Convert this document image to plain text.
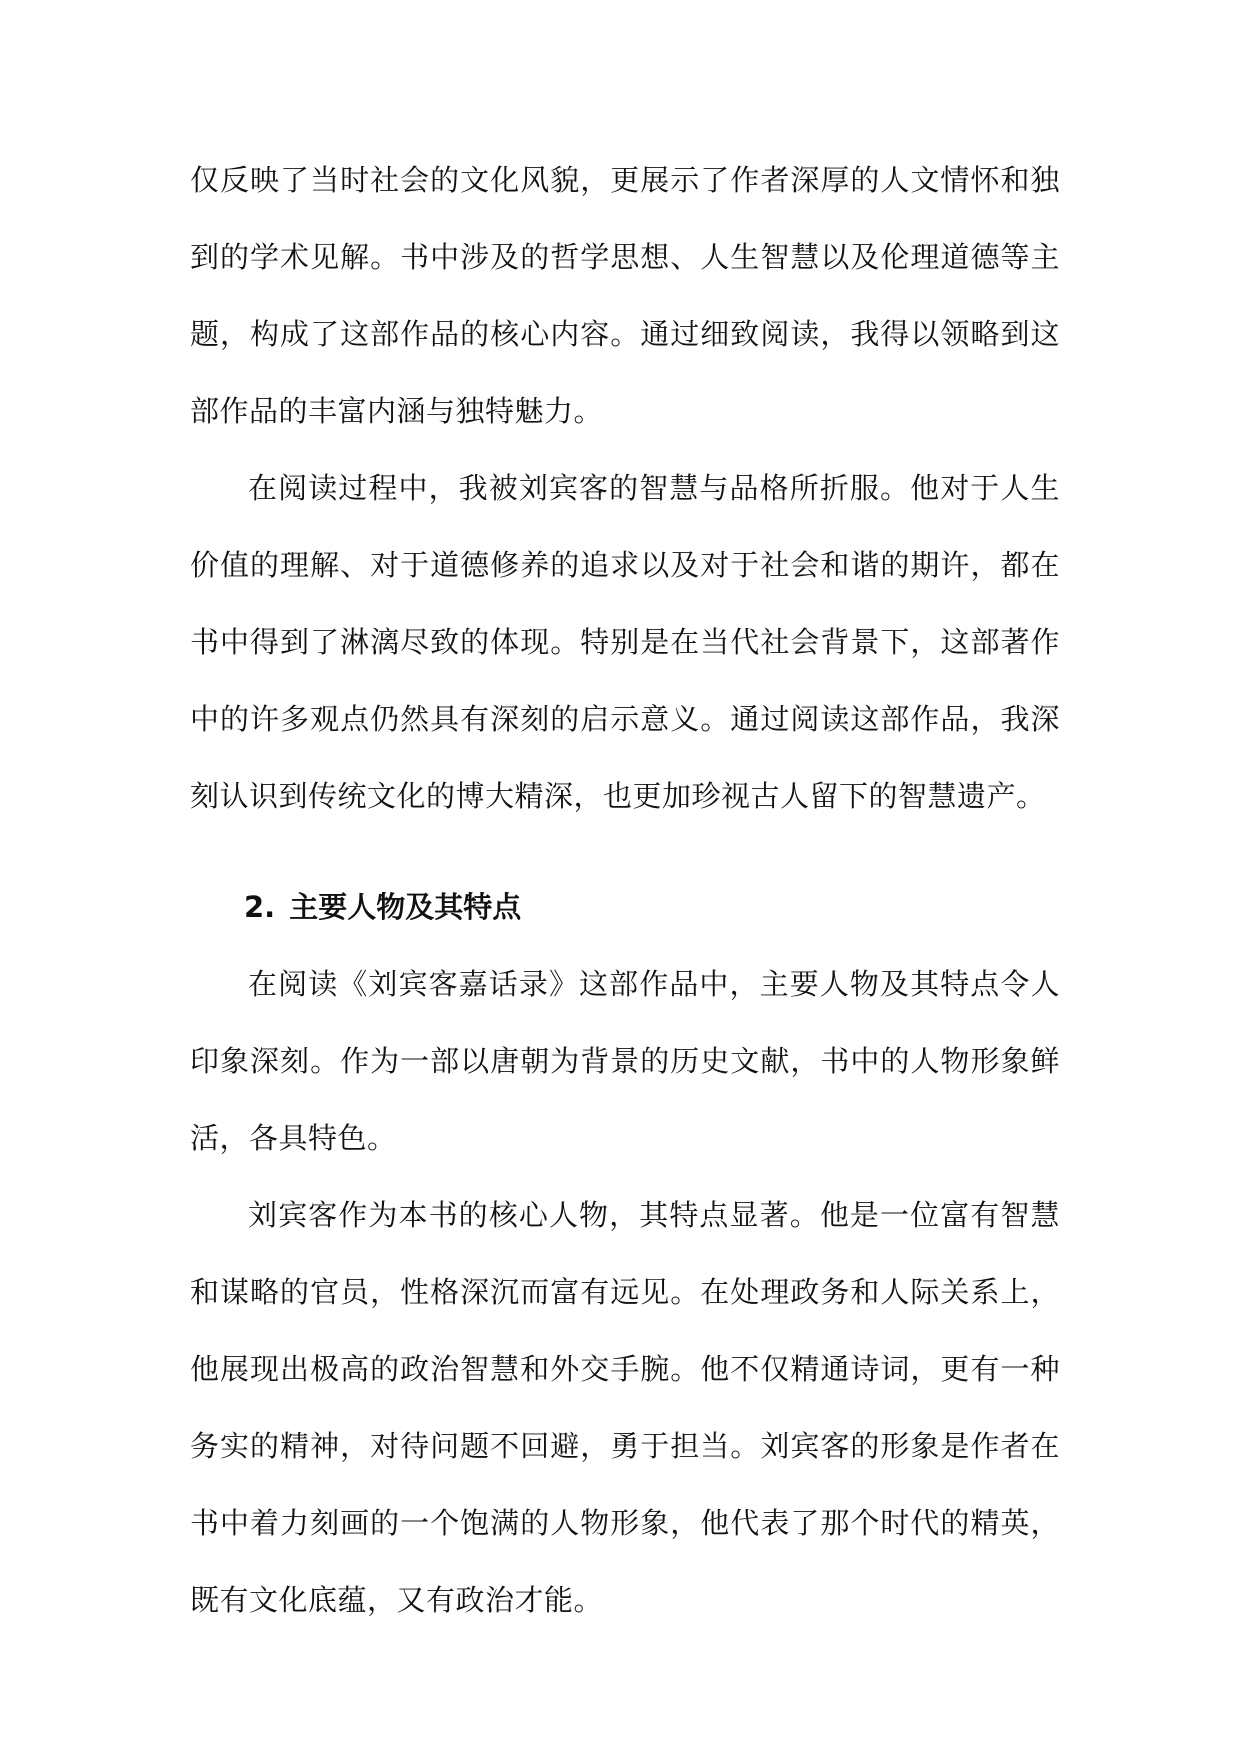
仅反映了当时社会的文化风貌，更展示了作者深厚的人文情怀和独到的学术见解。书中涉及的哲学思想、人生智慧以及伦理道德等主题，构成了这部作品的核心内容。通过细致阅读，我得以领略到这部作品的丰富内涵与独特魅力。

在阅读过程中，我被刘宾客的智慧与品格所折服。他对于人生价值的理解、对于道德修养的追求以及对于社会和谐的期许，都在书中得到了淋漓尽致的体现。特别是在当代社会背景下，这部著作中的许多观点仍然具有深刻的启示意义。通过阅读这部作品，我深刻认识到传统文化的博大精深，也更加珍视古人留下的智慧遗产。

2. 主要人物及其特点

在阅读《刘宾客嘉话录》这部作品中，主要人物及其特点令人印象深刻。作为一部以唐朝为背景的历史文献，书中的人物形象鲜活，各具特色。

刘宾客作为本书的核心人物，其特点显著。他是一位富有智慧和谋略的官员，性格深沉而富有远见。在处理政务和人际关系上，他展现出极高的政治智慧和外交手腕。他不仅精通诗词，更有一种务实的精神，对待问题不回避，勇于担当。刘宾客的形象是作者在书中着力刻画的一个饱满的人物形象，他代表了那个时代的精英，既有文化底蕴，又有政治才能。
